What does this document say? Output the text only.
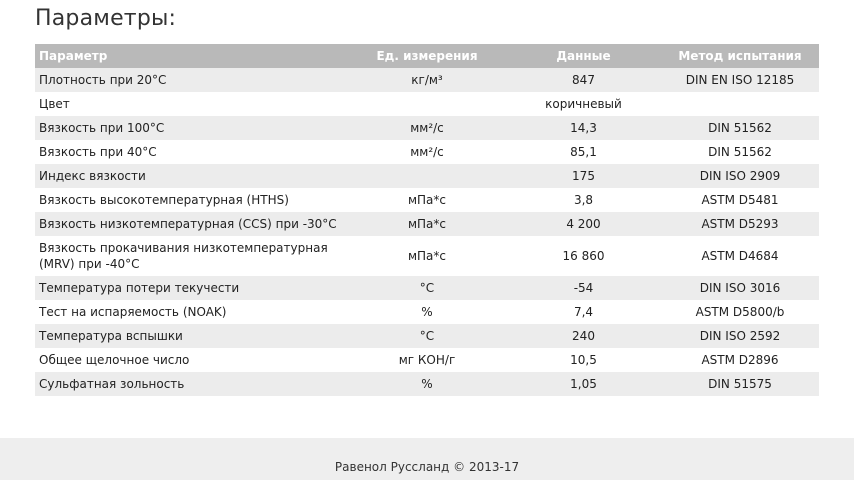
Параметры:
Параметр	Ед. измерения	Данные	Метод испытания
Плотность при 20°C	кг/м³	847	DIN EN ISO 12185
Цвет		коричневый	
Вязкость при 100°C	мм²/с	14,3	DIN 51562
Вязкость при 40°C	мм²/с	85,1	DIN 51562
Индекс вязкости		175	DIN ISO 2909
Вязкость высокотемпературная (HTHS)	мПа*с	3,8	ASTM D5481
Вязкость низкотемпературная (CCS) при -30°C	мПа*с	4 200	ASTM D5293
Вязкость прокачивания низкотемпературная (MRV) при -40°C	мПа*с	16 860	ASTM D4684
Температура потери текучести	°C	-54	DIN ISO 3016
Тест на испаряемость (NOAK)	%	7,4	ASTM D5800/b
Температура вспышки	°C	240	DIN ISO 2592
Общее щелочное число	мг КОН/г	10,5	ASTM D2896
Сульфатная зольность	%	1,05	DIN 51575
Равенол Руссланд © 2013-17
